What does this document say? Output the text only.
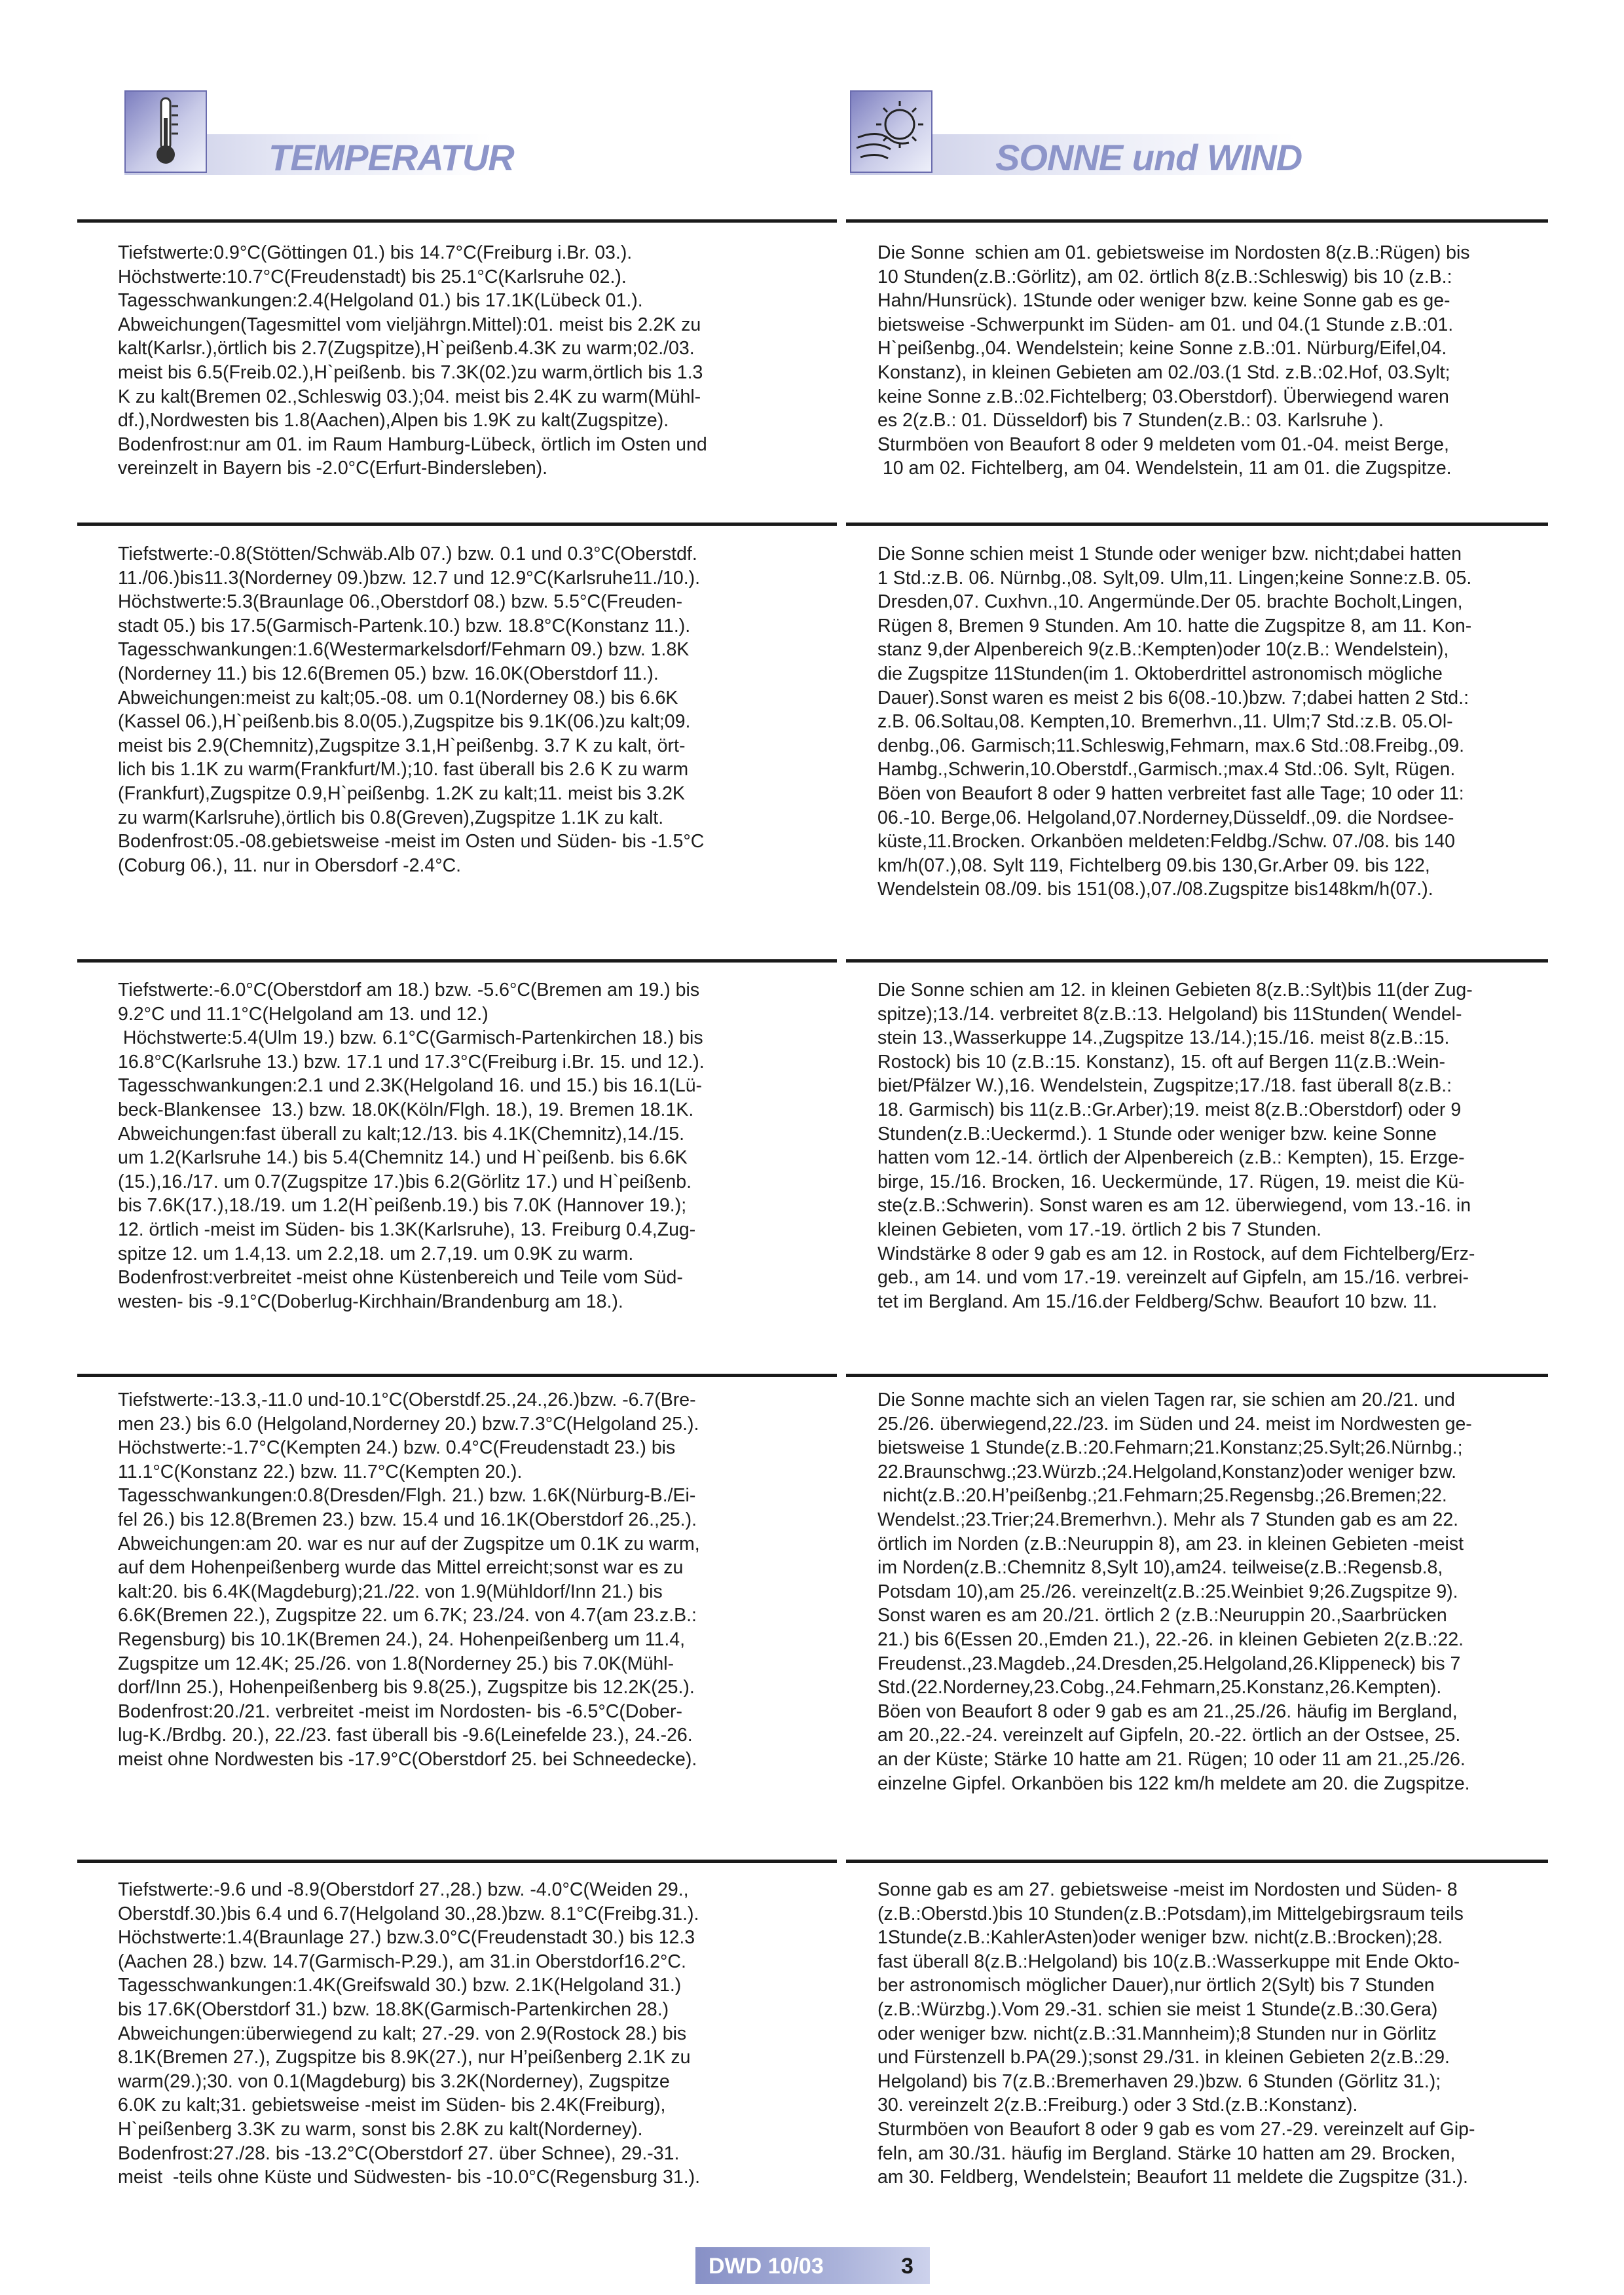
TEMPERATUR	SONNE und WIND
Tiefstwerte:0.9°C(Göttingen 01.) bis 14.7°C(Freiburg i.Br. 03.).
Höchstwerte:10.7°C(Freudenstadt) bis 25.1°C(Karlsruhe 02.).
Tagesschwankungen:2.4(Helgoland 01.) bis 17.1K(Lübeck 01.).
Abweichungen(Tagesmittel vom vieljährgn.Mittel):01. meist bis 2.2K zu
kalt(Karlsr.),örtlich bis 2.7(Zugspitze),H`peißenb.4.3K zu warm;02./03.
meist bis 6.5(Freib.02.),H`peißenb. bis 7.3K(02.)zu warm,örtlich bis 1.3
K zu kalt(Bremen 02.,Schleswig 03.);04. meist bis 2.4K zu warm(Mühl-
df.),Nordwesten bis 1.8(Aachen),Alpen bis 1.9K zu kalt(Zugspitze).
Bodenfrost:nur am 01. im Raum Hamburg-Lübeck, örtlich im Osten und
vereinzelt in Bayern bis -2.0°C(Erfurt-Bindersleben).
Tiefstwerte:-0.8(Stötten/Schwäb.Alb 07.) bzw. 0.1 und 0.3°C(Oberstdf.
11./06.)bis11.3(Norderney 09.)bzw. 12.7 und 12.9°C(Karlsruhe11./10.).
Höchstwerte:5.3(Braunlage 06.,Oberstdorf 08.) bzw. 5.5°C(Freuden-
stadt 05.) bis 17.5(Garmisch-Partenk.10.) bzw. 18.8°C(Konstanz 11.).
Tagesschwankungen:1.6(Westermarkelsdorf/Fehmarn 09.) bzw. 1.8K
(Norderney 11.) bis 12.6(Bremen 05.) bzw. 16.0K(Oberstdorf 11.).
Abweichungen:meist zu kalt;05.-08. um 0.1(Norderney 08.) bis 6.6K
(Kassel 06.),H`peißenb.bis 8.0(05.),Zugspitze bis 9.1K(06.)zu kalt;09.
meist bis 2.9(Chemnitz),Zugspitze 3.1,H`peißenbg. 3.7 K zu kalt, ört-
lich bis 1.1K zu warm(Frankfurt/M.);10. fast überall bis 2.6 K zu warm
(Frankfurt),Zugspitze 0.9,H`peißenbg. 1.2K zu kalt;11. meist bis 3.2K
zu warm(Karlsruhe),örtlich bis 0.8(Greven),Zugspitze 1.1K zu kalt.
Bodenfrost:05.-08.gebietsweise -meist im Osten und Süden- bis -1.5°C
(Coburg 06.), 11. nur in Obersdorf -2.4°C.
Tiefstwerte:-6.0°C(Oberstdorf am 18.) bzw. -5.6°C(Bremen am 19.) bis
9.2°C und 11.1°C(Helgoland am 13. und 12.)
Höchstwerte:5.4(Ulm 19.) bzw. 6.1°C(Garmisch-Partenkirchen 18.) bis
16.8°C(Karlsruhe 13.) bzw. 17.1 und 17.3°C(Freiburg i.Br. 15. und 12.).
Tagesschwankungen:2.1 und 2.3K(Helgoland 16. und 15.) bis 16.1(Lü-
beck-Blankensee  13.) bzw. 18.0K(Köln/Flgh. 18.), 19. Bremen 18.1K.
Abweichungen:fast überall zu kalt;12./13. bis 4.1K(Chemnitz),14./15.
um 1.2(Karlsruhe 14.) bis 5.4(Chemnitz 14.) und H`peißenb. bis 6.6K
(15.),16./17. um 0.7(Zugspitze 17.)bis 6.2(Görlitz 17.) und H`peißenb.
bis 7.6K(17.),18./19. um 1.2(H`peißenb.19.) bis 7.0K (Hannover 19.);
12. örtlich -meist im Süden- bis 1.3K(Karlsruhe), 13. Freiburg 0.4,Zug-
spitze 12. um 1.4,13. um 2.2,18. um 2.7,19. um 0.9K zu warm.
Bodenfrost:verbreitet -meist ohne Küstenbereich und Teile vom Süd-
westen- bis -9.1°C(Doberlug-Kirchhain/Brandenburg am 18.).
Tiefstwerte:-13.3,-11.0 und-10.1°C(Oberstdf.25.,24.,26.)bzw. -6.7(Bre-
men 23.) bis 6.0 (Helgoland,Norderney 20.) bzw.7.3°C(Helgoland 25.).
Höchstwerte:-1.7°C(Kempten 24.) bzw. 0.4°C(Freudenstadt 23.) bis
11.1°C(Konstanz 22.) bzw. 11.7°C(Kempten 20.).
Tagesschwankungen:0.8(Dresden/Flgh. 21.) bzw. 1.6K(Nürburg-B./Ei-
fel 26.) bis 12.8(Bremen 23.) bzw. 15.4 und 16.1K(Oberstdorf 26.,25.).
Abweichungen:am 20. war es nur auf der Zugspitze um 0.1K zu warm,
auf dem Hohenpeißenberg wurde das Mittel erreicht;sonst war es zu
kalt:20. bis 6.4K(Magdeburg);21./22. von 1.9(Mühldorf/Inn 21.) bis
6.6K(Bremen 22.), Zugspitze 22. um 6.7K; 23./24. von 4.7(am 23.z.B.:
Regensburg) bis 10.1K(Bremen 24.), 24. Hohenpeißenberg um 11.4,
Zugspitze um 12.4K; 25./26. von 1.8(Norderney 25.) bis 7.0K(Mühl-
dorf/Inn 25.), Hohenpeißenberg bis 9.8(25.), Zugspitze bis 12.2K(25.).
Bodenfrost:20./21. verbreitet -meist im Nordosten- bis -6.5°C(Dober-
lug-K./Brdbg. 20.), 22./23. fast überall bis -9.6(Leinefelde 23.), 24.-26.
meist ohne Nordwesten bis -17.9°C(Oberstdorf 25. bei Schneedecke).
Tiefstwerte:-9.6 und -8.9(Oberstdorf 27.,28.) bzw. -4.0°C(Weiden 29.,
Oberstdf.30.)bis 6.4 und 6.7(Helgoland 30.,28.)bzw. 8.1°C(Freibg.31.).
Höchstwerte:1.4(Braunlage 27.) bzw.3.0°C(Freudenstadt 30.) bis 12.3
(Aachen 28.) bzw. 14.7(Garmisch-P.29.), am 31.in Oberstdorf16.2°C.
Tagesschwankungen:1.4K(Greifswald 30.) bzw. 2.1K(Helgoland 31.)
bis 17.6K(Oberstdorf 31.) bzw. 18.8K(Garmisch-Partenkirchen 28.)
Abweichungen:überwiegend zu kalt; 27.-29. von 2.9(Rostock 28.) bis
8.1K(Bremen 27.), Zugspitze bis 8.9K(27.), nur H’peißenberg 2.1K zu
warm(29.);30. von 0.1(Magdeburg) bis 3.2K(Norderney), Zugspitze
6.0K zu kalt;31. gebietsweise -meist im Süden- bis 2.4K(Freiburg),
H`peißenberg 3.3K zu warm, sonst bis 2.8K zu kalt(Norderney).
Bodenfrost:27./28. bis -13.2°C(Oberstdorf 27. über Schnee), 29.-31.
meist  -teils ohne Küste und Südwesten- bis -10.0°C(Regensburg 31.).
Die Sonne  schien am 01. gebietsweise im Nordosten 8(z.B.:Rügen) bis
10 Stunden(z.B.:Görlitz), am 02. örtlich 8(z.B.:Schleswig) bis 10 (z.B.:
Hahn/Hunsrück). 1Stunde oder weniger bzw. keine Sonne gab es ge-
bietsweise -Schwerpunkt im Süden- am 01. und 04.(1 Stunde z.B.:01.
H`peißenbg.,04. Wendelstein; keine Sonne z.B.:01. Nürburg/Eifel,04.
Konstanz), in kleinen Gebieten am 02./03.(1 Std. z.B.:02.Hof, 03.Sylt;
keine Sonne z.B.:02.Fichtelberg; 03.Oberstdorf). Überwiegend waren
es 2(z.B.: 01. Düsseldorf) bis 7 Stunden(z.B.: 03. Karlsruhe ).
Sturmböen von Beaufort 8 oder 9 meldeten vom 01.-04. meist Berge,
10 am 02. Fichtelberg, am 04. Wendelstein, 11 am 01. die Zugspitze.
Die Sonne schien meist 1 Stunde oder weniger bzw. nicht;dabei hatten
1 Std.:z.B. 06. Nürnbg.,08. Sylt,09. Ulm,11. Lingen;keine Sonne:z.B. 05.
Dresden,07. Cuxhvn.,10. Angermünde.Der 05. brachte Bocholt,Lingen,
Rügen 8, Bremen 9 Stunden. Am 10. hatte die Zugspitze 8, am 11. Kon-
stanz 9,der Alpenbereich 9(z.B.:Kempten)oder 10(z.B.: Wendelstein),
die Zugspitze 11Stunden(im 1. Oktoberdrittel astronomisch mögliche
Dauer).Sonst waren es meist 2 bis 6(08.-10.)bzw. 7;dabei hatten 2 Std.:
z.B. 06.Soltau,08. Kempten,10. Bremerhvn.,11. Ulm;7 Std.:z.B. 05.Ol-
denbg.,06. Garmisch;11.Schleswig,Fehmarn, max.6 Std.:08.Freibg.,09.
Hambg.,Schwerin,10.Oberstdf.,Garmisch.;max.4 Std.:06. Sylt, Rügen.
Böen von Beaufort 8 oder 9 hatten verbreitet fast alle Tage; 10 oder 11:
06.-10. Berge,06. Helgoland,07.Norderney,Düsseldf.,09. die Nordsee-
küste,11.Brocken. Orkanböen meldeten:Feldbg./Schw. 07./08. bis 140
km/h(07.),08. Sylt 119, Fichtelberg 09.bis 130,Gr.Arber 09. bis 122,
Wendelstein 08./09. bis 151(08.),07./08.Zugspitze bis148km/h(07.).
Die Sonne schien am 12. in kleinen Gebieten 8(z.B.:Sylt)bis 11(der Zug-
spitze);13./14. verbreitet 8(z.B.:13. Helgoland) bis 11Stunden( Wendel-
stein 13.,Wasserkuppe 14.,Zugspitze 13./14.);15./16. meist 8(z.B.:15.
Rostock) bis 10 (z.B.:15. Konstanz), 15. oft auf Bergen 11(z.B.:Wein-
biet/Pfälzer W.),16. Wendelstein, Zugspitze;17./18. fast überall 8(z.B.:
18. Garmisch) bis 11(z.B.:Gr.Arber);19. meist 8(z.B.:Oberstdorf) oder 9
Stunden(z.B.:Ueckermd.). 1 Stunde oder weniger bzw. keine Sonne
hatten vom 12.-14. örtlich der Alpenbereich (z.B.: Kempten), 15. Erzge-
birge, 15./16. Brocken, 16. Ueckermünde, 17. Rügen, 19. meist die Kü-
ste(z.B.:Schwerin). Sonst waren es am 12. überwiegend, vom 13.-16. in
kleinen Gebieten, vom 17.-19. örtlich 2 bis 7 Stunden.
Windstärke 8 oder 9 gab es am 12. in Rostock, auf dem Fichtelberg/Erz-
geb., am 14. und vom 17.-19. vereinzelt auf Gipfeln, am 15./16. verbrei-
tet im Bergland. Am 15./16.der Feldberg/Schw. Beaufort 10 bzw. 11.
Die Sonne machte sich an vielen Tagen rar, sie schien am 20./21. und
25./26. überwiegend,22./23. im Süden und 24. meist im Nordwesten ge-
bietsweise 1 Stunde(z.B.:20.Fehmarn;21.Konstanz;25.Sylt;26.Nürnbg.;
22.Braunschwg.;23.Würzb.;24.Helgoland,Konstanz)oder weniger bzw.
nicht(z.B.:20.H’peißenbg.;21.Fehmarn;25.Regensbg.;26.Bremen;22.
Wendelst.;23.Trier;24.Bremerhvn.). Mehr als 7 Stunden gab es am 22.
örtlich im Norden (z.B.:Neuruppin 8), am 23. in kleinen Gebieten -meist
im Norden(z.B.:Chemnitz 8,Sylt 10),am24. teilweise(z.B.:Regensb.8,
Potsdam 10),am 25./26. vereinzelt(z.B.:25.Weinbiet 9;26.Zugspitze 9).
Sonst waren es am 20./21. örtlich 2 (z.B.:Neuruppin 20.,Saarbrücken
21.) bis 6(Essen 20.,Emden 21.), 22.-26. in kleinen Gebieten 2(z.B.:22.
Freudenst.,23.Magdeb.,24.Dresden,25.Helgoland,26.Klippeneck) bis 7
Std.(22.Norderney,23.Cobg.,24.Fehmarn,25.Konstanz,26.Kempten).
Böen von Beaufort 8 oder 9 gab es am 21.,25./26. häufig im Bergland,
am 20.,22.-24. vereinzelt auf Gipfeln, 20.-22. örtlich an der Ostsee, 25.
an der Küste; Stärke 10 hatte am 21. Rügen; 10 oder 11 am 21.,25./26.
einzelne Gipfel. Orkanböen bis 122 km/h meldete am 20. die Zugspitze.
Sonne gab es am 27. gebietsweise -meist im Nordosten und Süden- 8
(z.B.:Oberstd.)bis 10 Stunden(z.B.:Potsdam),im Mittelgebirgsraum teils
1Stunde(z.B.:KahlerAsten)oder weniger bzw. nicht(z.B.:Brocken);28.
fast überall 8(z.B.:Helgoland) bis 10(z.B.:Wasserkuppe mit Ende Okto-
ber astronomisch möglicher Dauer),nur örtlich 2(Sylt) bis 7 Stunden
(z.B.:Würzbg.).Vom 29.-31. schien sie meist 1 Stunde(z.B.:30.Gera)
oder weniger bzw. nicht(z.B.:31.Mannheim);8 Stunden nur in Görlitz
und Fürstenzell b.PA(29.);sonst 29./31. in kleinen Gebieten 2(z.B.:29.
Helgoland) bis 7(z.B.:Bremerhaven 29.)bzw. 6 Stunden (Görlitz 31.);
30. vereinzelt 2(z.B.:Freiburg.) oder 3 Std.(z.B.:Konstanz).
Sturmböen von Beaufort 8 oder 9 gab es vom 27.-29. vereinzelt auf Gip-
feln, am 30./31. häufig im Bergland. Stärke 10 hatten am 29. Brocken,
am 30. Feldberg, Wendelstein; Beaufort 11 meldete die Zugspitze (31.).
DWD 10/03	3
